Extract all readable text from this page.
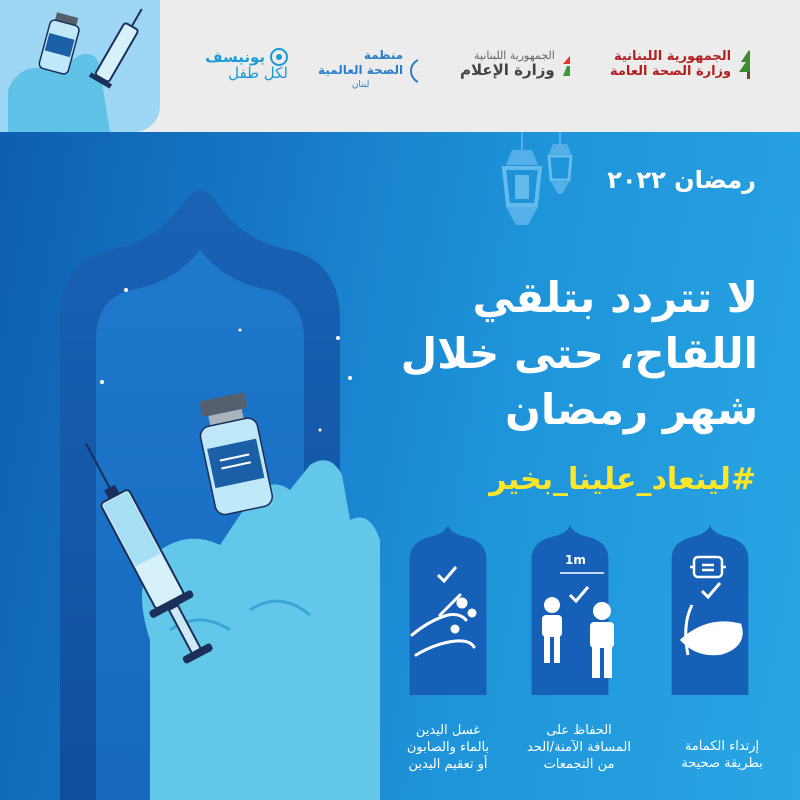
الجمهورية اللبنانية
وزارة الصحة العامة
الجمهورية اللبنانية
وزارة الإعلام
منظمة
الصحة العالمية
لبنان
يونيسف
لكل طفل
رمضان ٢٠٢٢
لا تتردد بتلقي
اللقاح، حتى خلال
شهر رمضان
#لينعاد_علينا_بخير
1m
إرتداء الكمامة
بطريقة صحيحة
الحفاظ على
المسافة الآمنة/الحد
من التجمعات
غسل اليدين
بالماء والصابون
أو تعقيم اليدين
